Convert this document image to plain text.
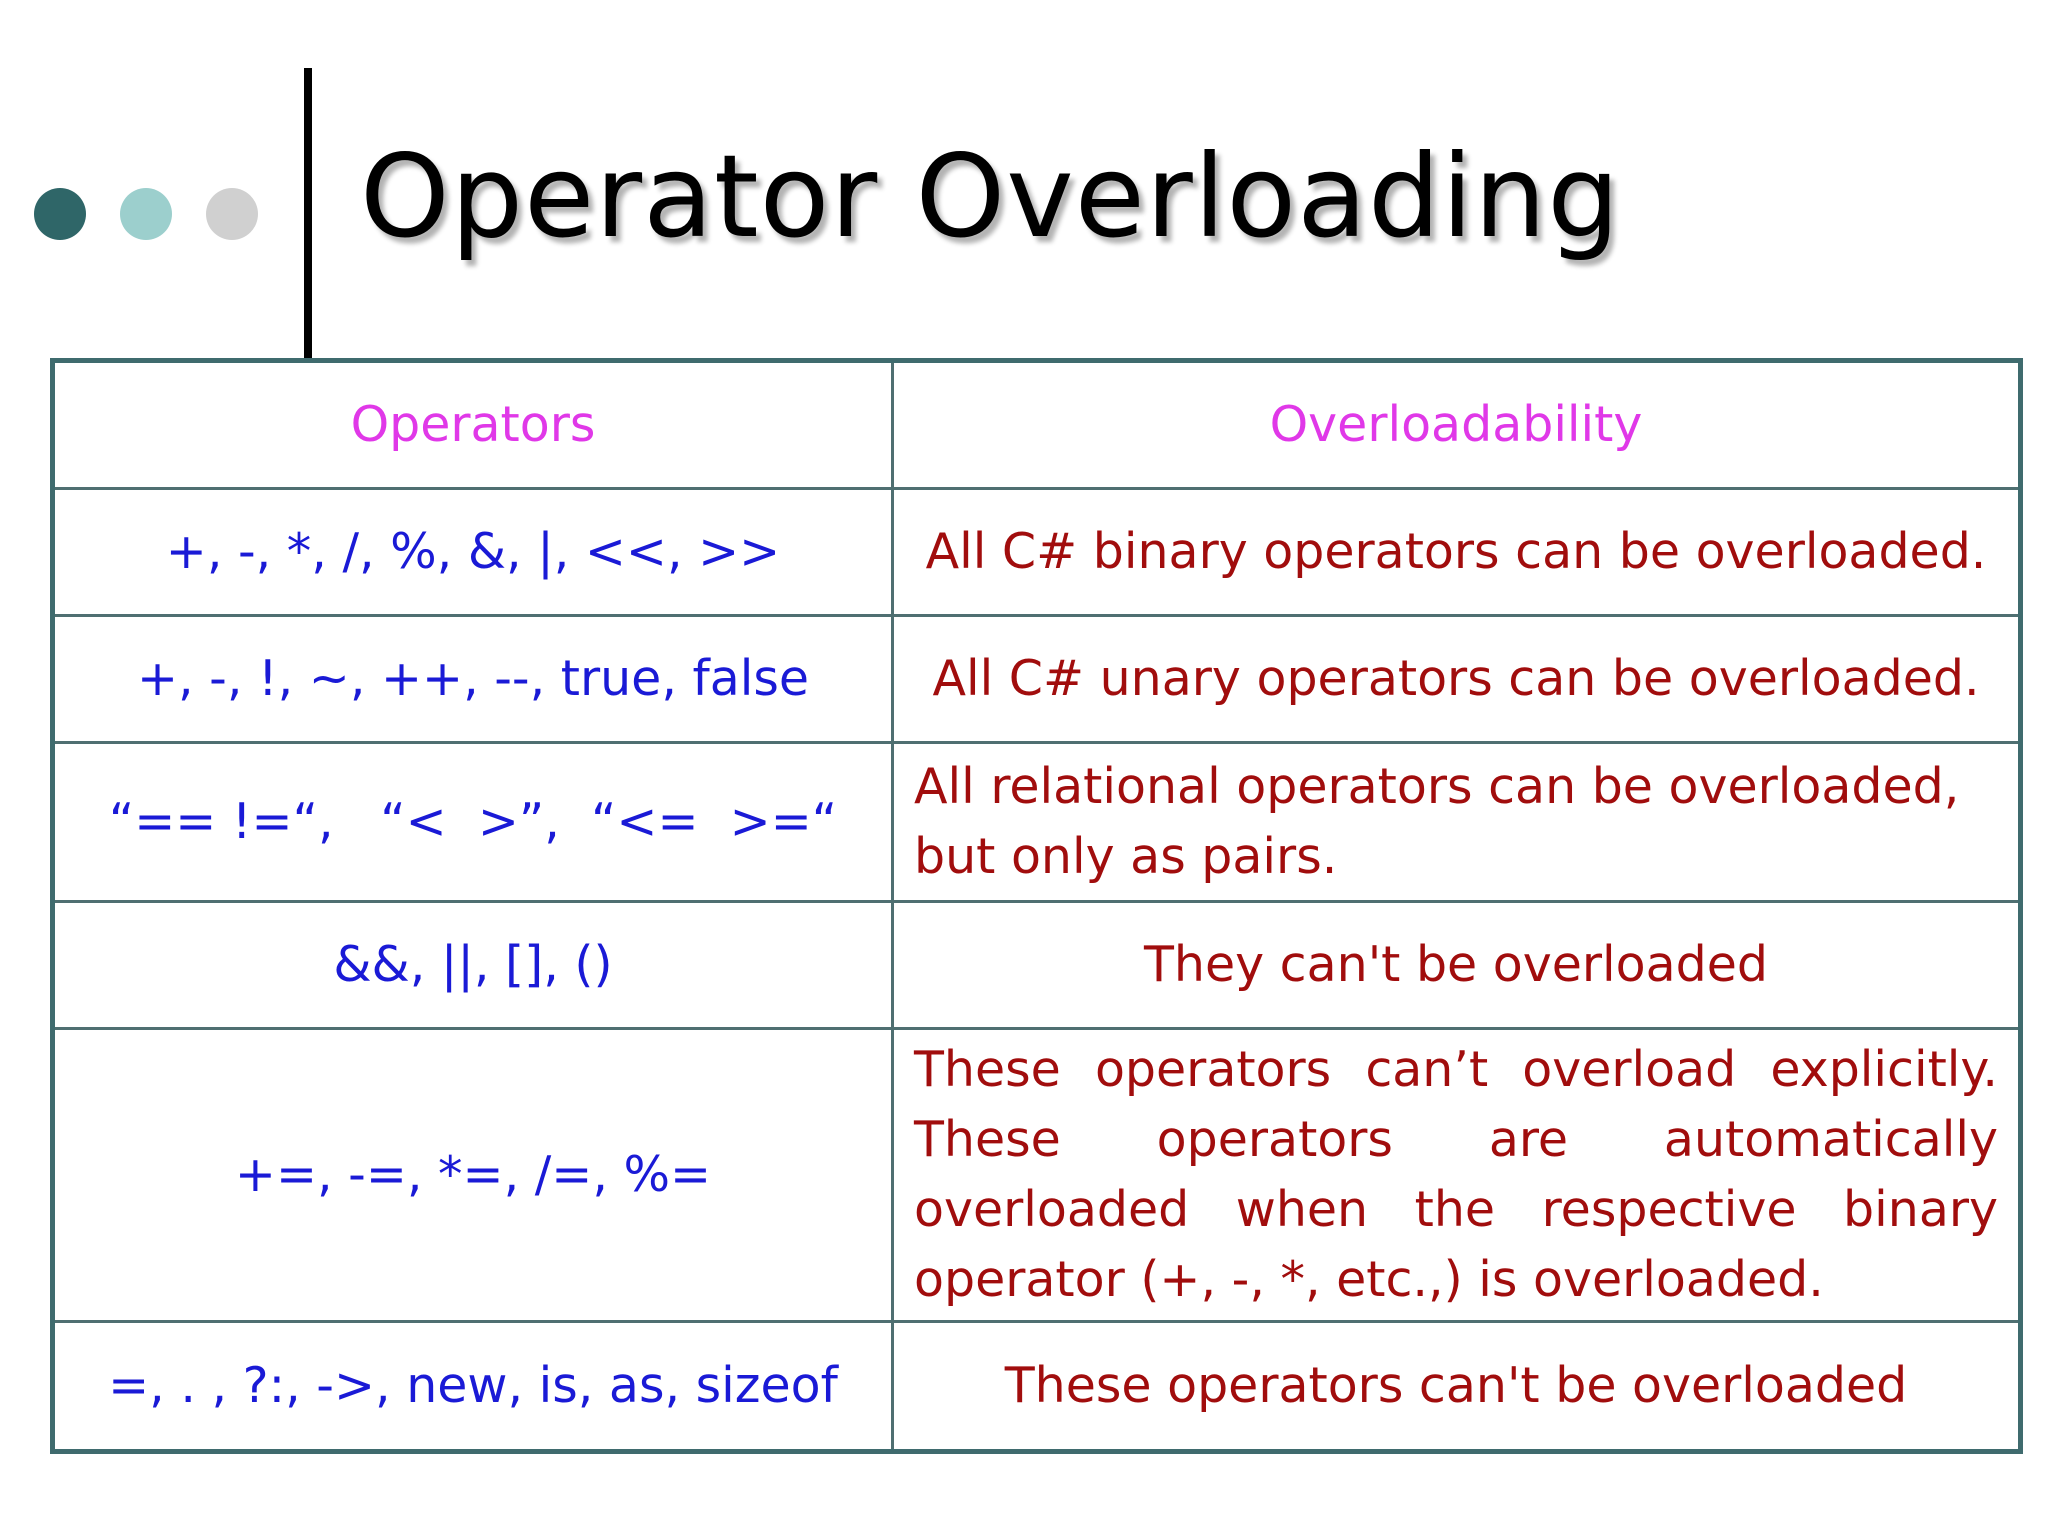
Operator Overloading
Operators	Overloadability
+, -, *, /, %, &, |, <<, >>	All C# binary operators can be overloaded.
+, -, !, ~, ++, --, true, false	All C# unary operators can be overloaded.
“== !=“,   “<  >”,  “<=  >=“	All relational operators can be overloaded, but only as pairs.
&&, ||, [], ()	They can't be overloaded
+=, -=, *=, /=, %=	These operators can’t overload explicitly. These operators are automatically overloaded when the respective binary operator (+, -, *, etc.,) is overloaded.
=, . , ?:, ->, new, is, as, sizeof	These operators can't be overloaded
